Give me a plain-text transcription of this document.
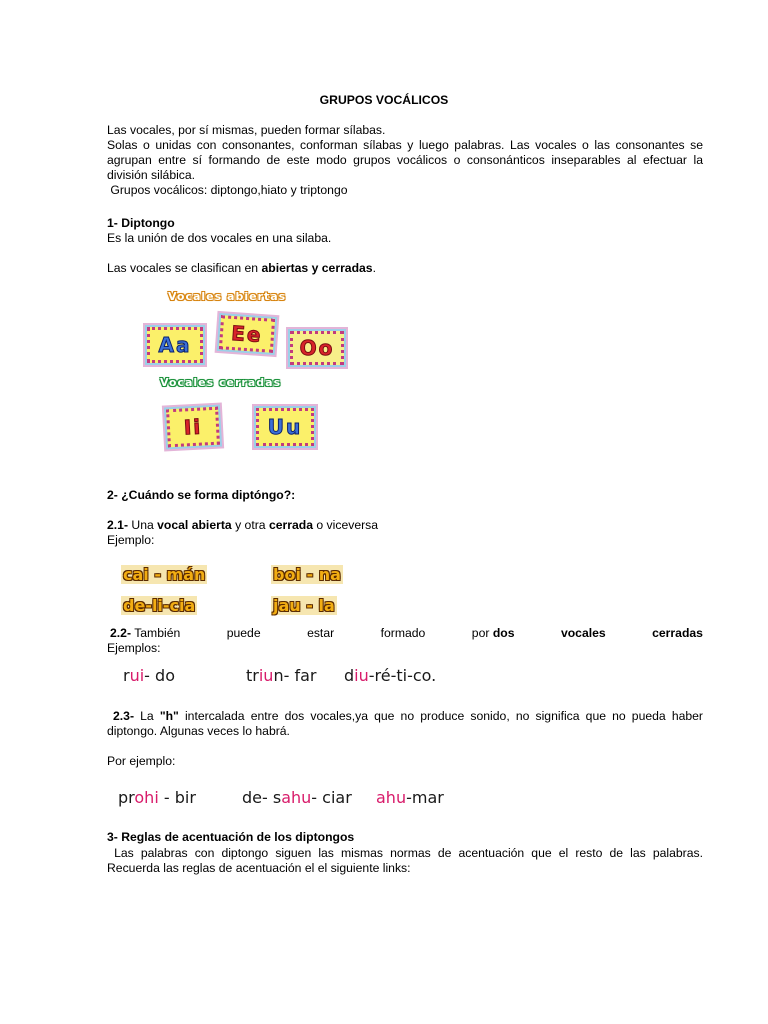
GRUPOS VOCÁLICOS
Las vocales, por sí mismas, pueden formar sílabas.
Solas o unidas con consonantes, conforman sílabas y luego palabras. Las vocales o las consonantes se
agrupan entre sí formando de este modo grupos vocálicos o consonánticos inseparables al efectuar la
división silábica.
Grupos vocálicos: diptongo,hiato y triptongo
1- Diptongo
Es la unión de dos vocales en una silaba.
Las vocales se clasifican en abiertas y cerradas.
Vocales abiertas
Aa	Ee
Oo
Vocales cerradas
Ii	Uu
2- ¿Cuándo se forma diptóngo?:
2.1- Una vocal abierta y otra cerrada o viceversa
Ejemplo:
cai - mán	boi - na
de-li-cia	jau - la
2.2- También	puede	estar	formado	por dos	vocales	cerradas
Ejemplos:
rui- do	triun- far diu-ré-ti-co.
2.3- La "h" intercalada entre dos vocales,ya que no produce sonido, no significa que no pueda haber
diptongo. Algunas veces lo habrá.
Por ejemplo:
prohi - bir	de- sahu- ciar ahu-mar
3- Reglas de acentuación de los diptongos
Las palabras con diptongo siguen las mismas normas de acentuación que el resto de las palabras.
Recuerda las reglas de acentuación el el siguiente links:
